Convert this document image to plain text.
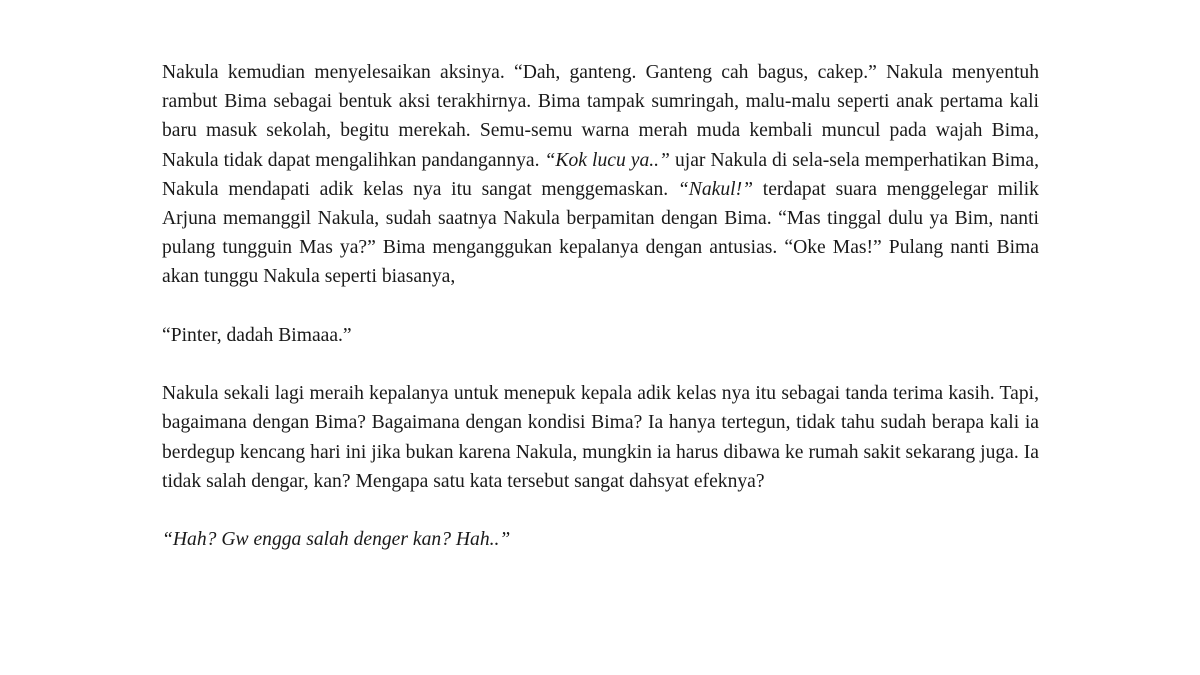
Nakula kemudian menyelesaikan aksinya. “Dah, ganteng. Ganteng cah bagus, cakep.” Nakula menyentuh rambut Bima sebagai bentuk aksi terakhirnya. Bima tampak sumringah, malu-malu seperti anak pertama kali baru masuk sekolah, begitu merekah. Semu-semu warna merah muda kembali muncul pada wajah Bima, Nakula tidak dapat mengalihkan pandangannya. “Kok lucu ya..” ujar Nakula di sela-sela memperhatikan Bima, Nakula mendapati adik kelas nya itu sangat menggemaskan. “Nakul!” terdapat suara menggelegar milik Arjuna memanggil Nakula, sudah saatnya Nakula berpamitan dengan Bima. “Mas tinggal dulu ya Bim, nanti pulang tungguin Mas ya?” Bima menganggukan kepalanya dengan antusias. “Oke Mas!” Pulang nanti Bima akan tunggu Nakula seperti biasanya,

“Pinter, dadah Bimaaa.”

Nakula sekali lagi meraih kepalanya untuk menepuk kepala adik kelas nya itu sebagai tanda terima kasih. Tapi, bagaimana dengan Bima? Bagaimana dengan kondisi Bima? Ia hanya tertegun, tidak tahu sudah berapa kali ia berdegup kencang hari ini jika bukan karena Nakula, mungkin ia harus dibawa ke rumah sakit sekarang juga. Ia tidak salah dengar, kan? Mengapa satu kata tersebut sangat dahsyat efeknya?

“Hah? Gw engga salah denger kan? Hah..”
